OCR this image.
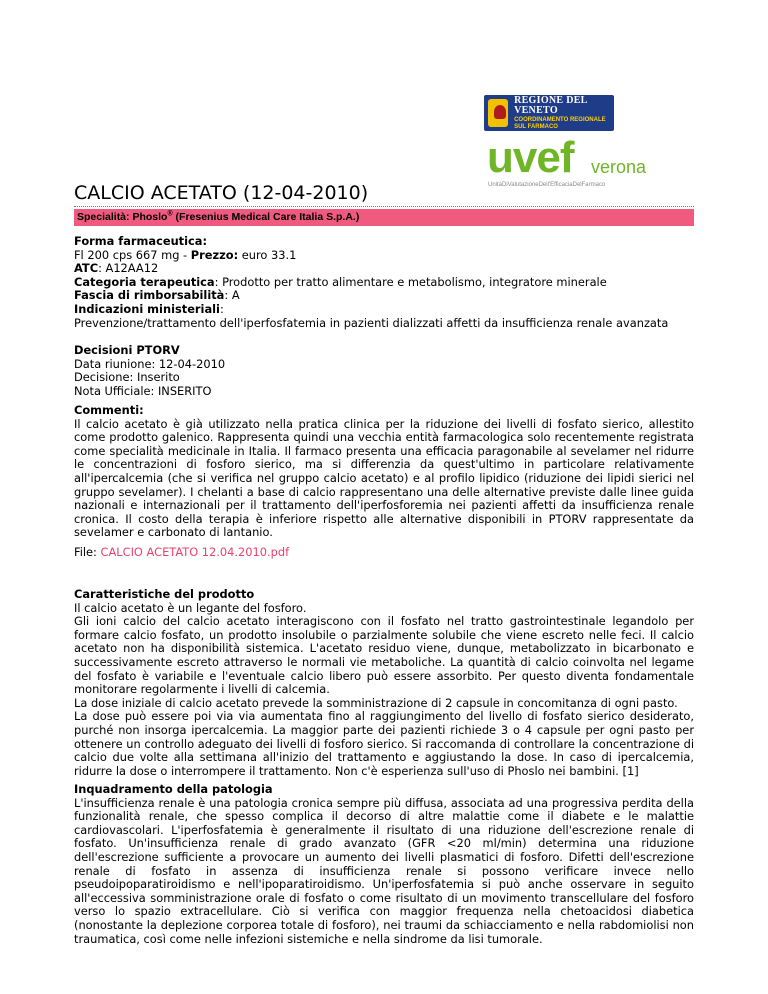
REGIONE DEL VENETO
COORDINAMENTO REGIONALE
SUL FARMACO
uvef verona
UnitàDiValutazioneDell'EfficaciaDelFarmaco
CALCIO ACETATO (12-04-2010)
Specialità: Phoslo® (Fresenius Medical Care Italia S.p.A.)

Forma farmaceutica:

Fl 200 cps 667 mg - Prezzo: euro 33.1

ATC: A12AA12

Categoria terapeutica: Prodotto per tratto alimentare e metabolismo, integratore minerale

Fascia di rimborsabilità: A

Indicazioni ministeriali:

Prevenzione/trattamento dell'iperfosfatemia in pazienti dializzati affetti da insufficienza renale avanzata

Decisioni PTORV

Data riunione: 12-04-2010

Decisione: Inserito

Nota Ufficiale: INSERITO

Commenti:

Il calcio acetato è già utilizzato nella pratica clinica per la riduzione dei livelli di fosfato sierico, allestito come prodotto galenico. Rappresenta quindi una vecchia entità farmacologica solo recentemente registrata come specialità medicinale in Italia. Il farmaco presenta una efficacia paragonabile al sevelamer nel ridurre le concentrazioni di fosforo sierico, ma si differenzia da quest'ultimo in particolare relativamente all'ipercalcemia (che si verifica nel gruppo calcio acetato) e al profilo lipidico (riduzione dei lipidi sierici nel gruppo sevelamer). I chelanti a base di calcio rappresentano una delle alternative previste dalle linee guida nazionali e internazionali per il trattamento dell'iperfosforemia nei pazienti affetti da insufficienza renale cronica. Il costo della terapia è inferiore rispetto alle alternative disponibili in PTORV rappresentate da sevelamer e carbonato di lantanio.

File: CALCIO ACETATO 12.04.2010.pdf

Caratteristiche del prodotto

Il calcio acetato è un legante del fosforo.

Gli ioni calcio del calcio acetato interagiscono con il fosfato nel tratto gastrointestinale legandolo per formare calcio fosfato, un prodotto insolubile o parzialmente solubile che viene escreto nelle feci. Il calcio acetato non ha disponibilità sistemica. L'acetato residuo viene, dunque, metabolizzato in bicarbonato e successivamente escreto attraverso le normali vie metaboliche. La quantità di calcio coinvolta nel legame del fosfato è variabile e l'eventuale calcio libero può essere assorbito. Per questo diventa fondamentale monitorare regolarmente i livelli di calcemia.

La dose iniziale di calcio acetato prevede la somministrazione di 2 capsule in concomitanza di ogni pasto.

La dose può essere poi via via aumentata fino al raggiungimento del livello di fosfato sierico desiderato, purché non insorga ipercalcemia. La maggior parte dei pazienti richiede 3 o 4 capsule per ogni pasto per ottenere un controllo adeguato dei livelli di fosforo sierico. Si raccomanda di controllare la concentrazione di calcio due volte alla settimana all'inizio del trattamento e aggiustando la dose. In caso di ipercalcemia, ridurre la dose o interrompere il trattamento. Non c'è esperienza sull'uso di Phoslo nei bambini. [1]

Inquadramento della patologia

L'insufficienza renale è una patologia cronica sempre più diffusa, associata ad una progressiva perdita della funzionalità renale, che spesso complica il decorso di altre malattie come il diabete e le malattie cardiovascolari. L'iperfosfatemia è generalmente il risultato di una riduzione dell'escrezione renale di fosfato. Un'insufficienza renale di grado avanzato (GFR <20 ml/min) determina una riduzione dell'escrezione sufficiente a provocare un aumento dei livelli plasmatici di fosforo. Difetti dell'escrezione renale di fosfato in assenza di insufficienza renale si possono verificare invece nello pseudoipoparatiroidismo e nell'ipoparatiroidismo. Un'iperfosfatemia si può anche osservare in seguito all'eccessiva somministrazione orale di fosfato o come risultato di un movimento transcellulare del fosforo verso lo spazio extracellulare. Ciò si verifica con maggior frequenza nella chetoacidosi diabetica (nonostante la deplezione corporea totale di fosforo), nei traumi da schiacciamento e nella rabdomiolisi non traumatica, così come nelle infezioni sistemiche e nella sindrome da lisi tumorale.
